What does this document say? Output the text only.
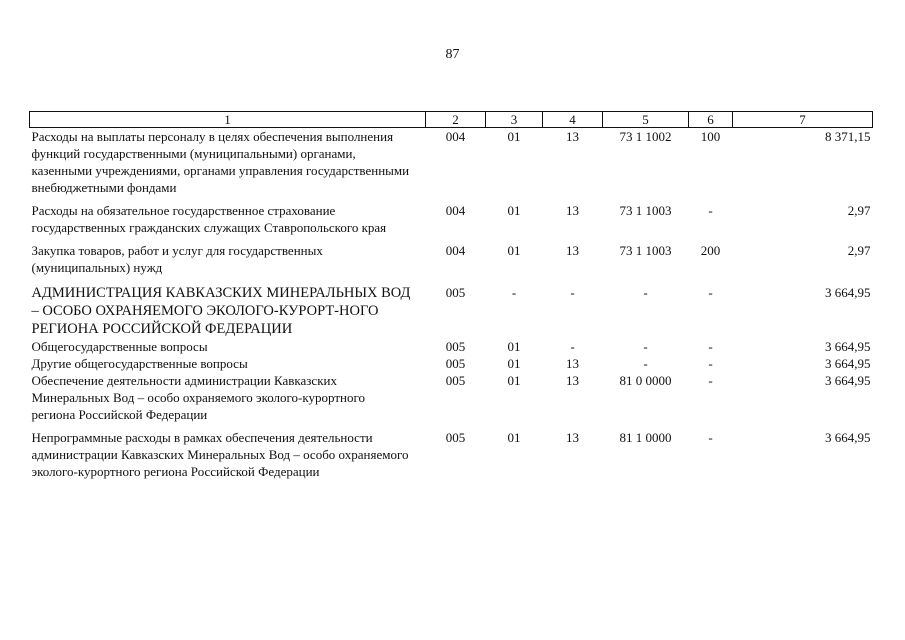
87
1	2	3	4	5	6	7
Расходы на выплаты персоналу в целях обеспечения выполнения функций государственными (муниципальными) органами, казенными учреждениями, органами управления государственными внебюджетными фондами	004	01	13	73 1 1002	100	8 371,15
Расходы на обязательное государственное страхование государственных гражданских служащих Ставропольского края	004	01	13	73 1 1003	-	2,97
Закупка товаров, работ и услуг для государственных (муниципальных) нужд	004	01	13	73 1 1003	200	2,97
АДМИНИСТРАЦИЯ КАВКАЗСКИХ МИНЕРАЛЬНЫХ ВОД – ОСОБО ОХРАНЯЕМОГО ЭКОЛОГО-КУРОРТ-НОГО РЕГИОНА РОССИЙСКОЙ ФЕДЕРАЦИИ	005	-	-	-	-	3 664,95
Общегосударственные вопросы	005	01	-	-	-	3 664,95
Другие общегосударственные вопросы	005	01	13	-	-	3 664,95
Обеспечение деятельности администрации Кавказских Минеральных Вод – особо охраняемого эколого-курортного региона Российской Федерации	005	01	13	81 0 0000	-	3 664,95
Непрограммные расходы в рамках обеспечения деятельности администрации Кавказских Минеральных Вод – особо охраняемого эколого-курортного региона Российской Федерации	005	01	13	81 1 0000	-	3 664,95
